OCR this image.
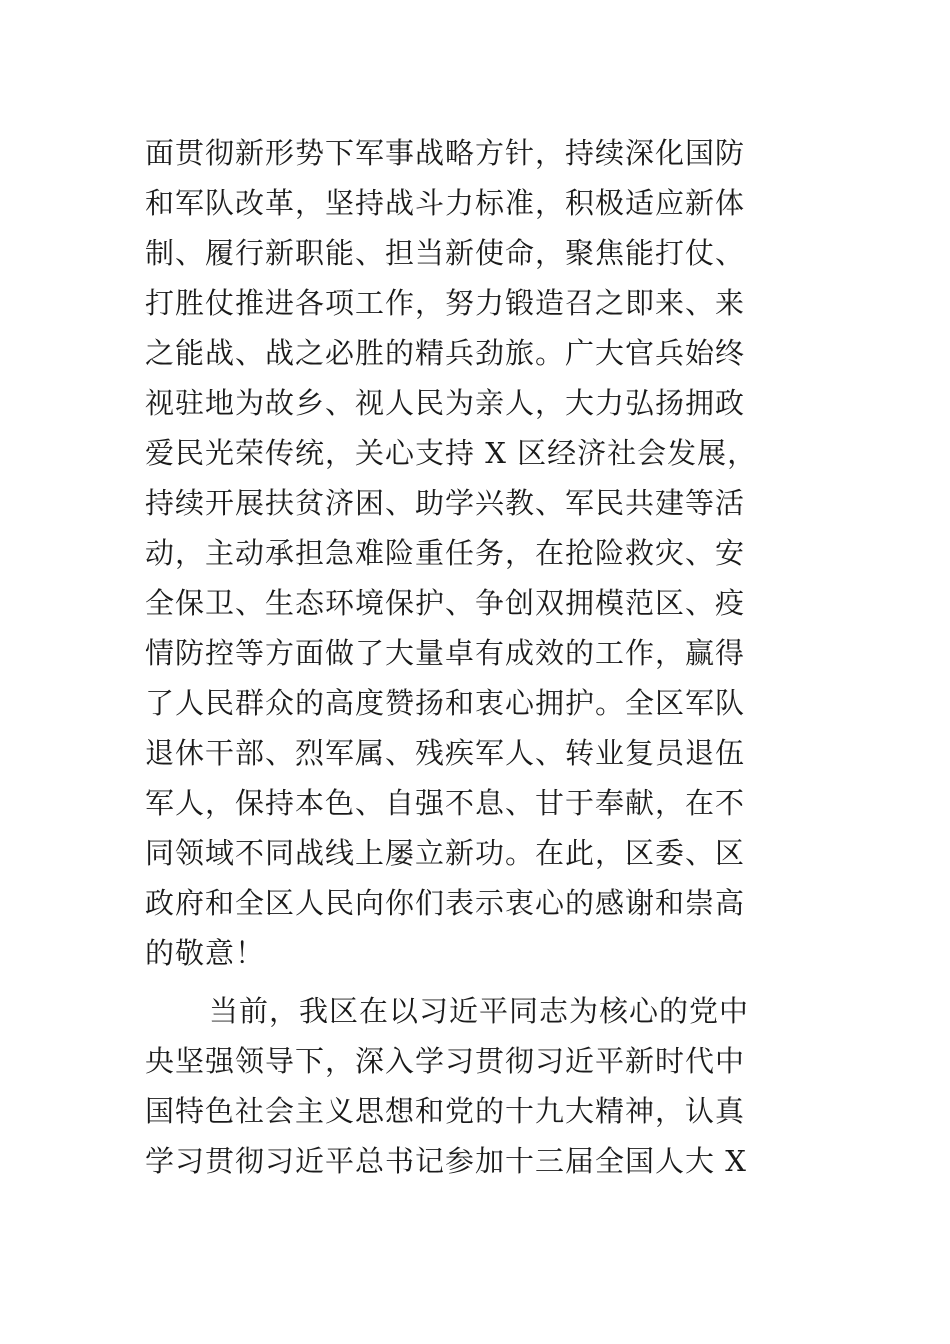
面贯彻新形势下军事战略方针，持续深化国防
和军队改革，坚持战斗力标准，积极适应新体
制、履行新职能、担当新使命，聚焦能打仗、
打胜仗推进各项工作，努力锻造召之即来、来
之能战、战之必胜的精兵劲旅。广大官兵始终
视驻地为故乡、视人民为亲人，大力弘扬拥政
爱民光荣传统，关心支持 X 区经济社会发展，
持续开展扶贫济困、助学兴教、军民共建等活
动，主动承担急难险重任务，在抢险救灾、安
全保卫、生态环境保护、争创双拥模范区、疫
情防控等方面做了大量卓有成效的工作，赢得
了人民群众的高度赞扬和衷心拥护。全区军队
退休干部、烈军属、残疾军人、转业复员退伍
军人，保持本色、自强不息、甘于奉献，在不
同领域不同战线上屡立新功。在此，区委、区
政府和全区人民向你们表示衷心的感谢和崇高
的敬意！
当前，我区在以习近平同志为核心的党中
央坚强领导下，深入学习贯彻习近平新时代中
国特色社会主义思想和党的十九大精神，认真
学习贯彻习近平总书记参加十三届全国人大 X
